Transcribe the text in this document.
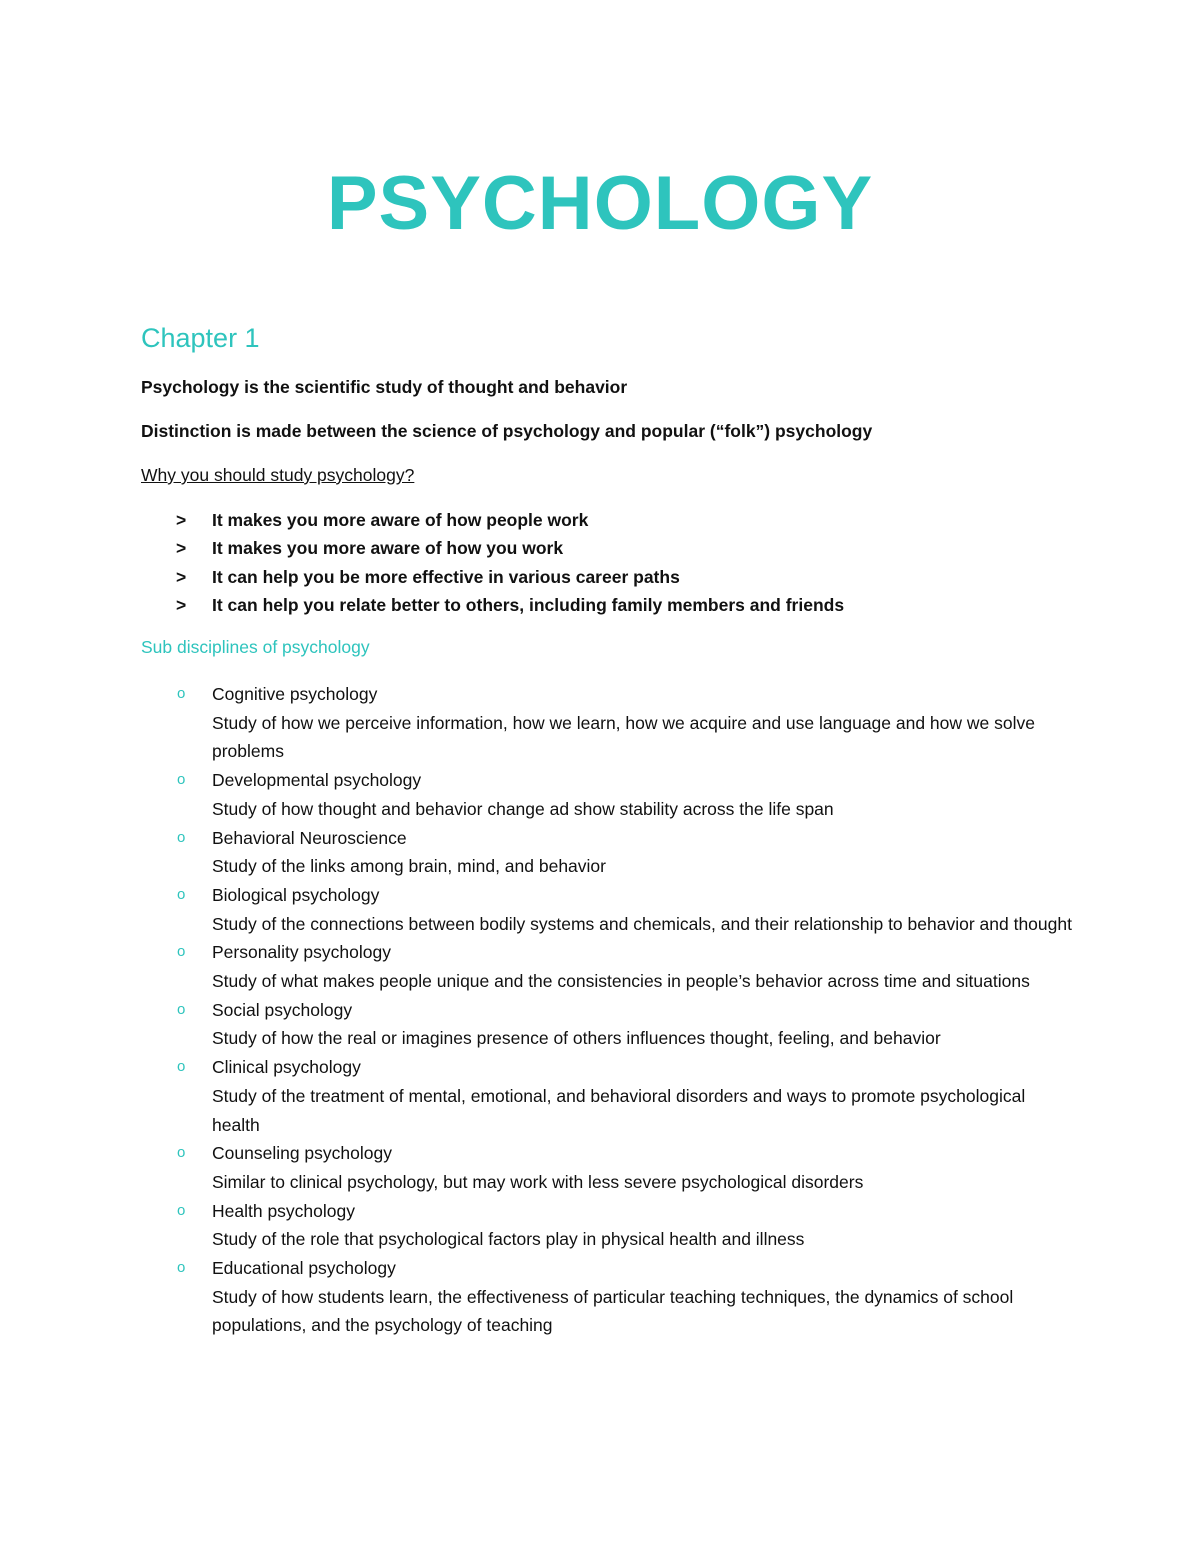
PSYCHOLOGY
Chapter 1

Psychology is the scientific study of thought and behavior

Distinction is made between the science of psychology and popular (“folk”) psychology

Why you should study psychology?

> It makes you more aware of how people work
> It makes you more aware of how you work
> It can help you be more effective in various career paths
> It can help you relate better to others, including family members and friends
Sub disciplines of psychology
o Cognitive psychology
Study of how we perceive information, how we learn, how we acquire and use language and how we solve problems
o Developmental psychology
Study of how thought and behavior change ad show stability across the life span
o Behavioral Neuroscience
Study of the links among brain, mind, and behavior
o Biological psychology
Study of the connections between bodily systems and chemicals, and their relationship to behavior and thought
o Personality psychology
Study of what makes people unique and the consistencies in people’s behavior across time and situations
o Social psychology
Study of how the real or imagines presence of others influences thought, feeling, and behavior
o Clinical psychology
Study of the treatment of mental, emotional, and behavioral disorders and ways to promote psychological health
o Counseling psychology
Similar to clinical psychology, but may work with less severe psychological disorders
o Health psychology
Study of the role that psychological factors play in physical health and illness
o Educational psychology
Study of how students learn, the effectiveness of particular teaching techniques, the dynamics of school populations, and the psychology of teaching
